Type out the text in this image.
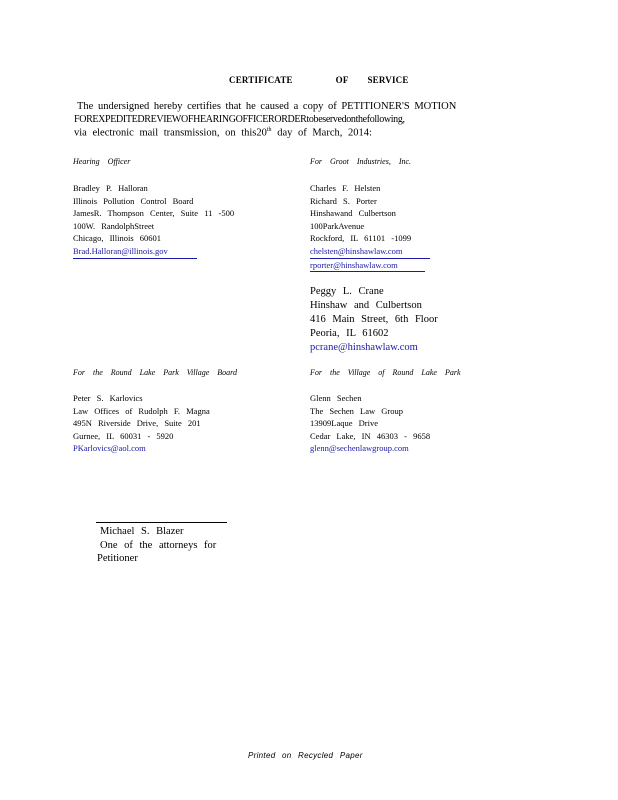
CERTIFICATE	OF SERVICE
The undersigned hereby certifies that he caused a copy of PETITIONER'S MOTION
FOREXPEDITEDREVIEWOFHEARINGOFFICERORDERtobeservedonthefollowing,
via electronic mail transmission, on this20th day of March, 2014:
Hearing Officer
Bradley P. Halloran
Illinois Pollution Control Board
JamesR. Thompson Center, Suite 11 -500
100W. RandolphStreet
Chicago, Illinois 60601
Brad.Halloran@illinois.gov
For Groot Industries, Inc.
Charles F. Helsten
Richard S. Porter
Hinshawand Culbertson
100ParkAvenue
Rockford, IL 61101 -1099
chelsten@hinshawlaw.com
rporter@hinshawlaw.com
Peggy L. Crane
Hinshaw and Culbertson
416 Main Street, 6th Floor
Peoria, IL 61602
pcrane@hinshawlaw.com
For the Round Lake Park Village Board
Peter S. Karlovics
Law Offices of Rudolph F. Magna
495N Riverside Drive, Suite 201
Gurnee, IL 60031 - 5920
PKarlovics@aol.com
For the Village of Round Lake Park
Glenn Sechen
The Sechen Law Group
13909Laque Drive
Cedar Lake, IN 46303 - 9658
glenn@sechenlawgroup.com
Michael S. Blazer
One of the attorneys for
Petitioner
Printed on Recycled Paper
